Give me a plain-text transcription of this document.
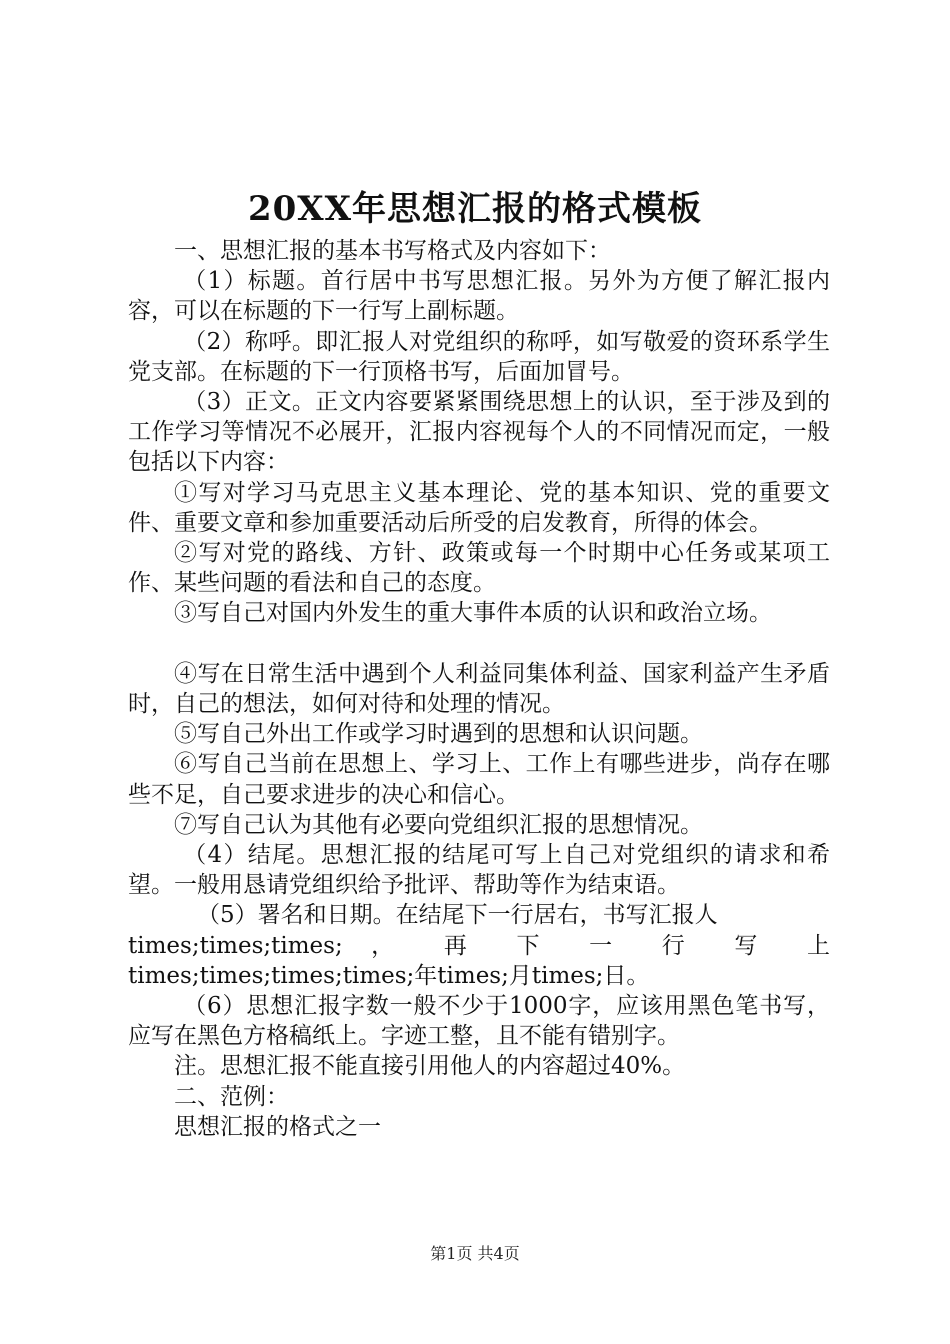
20XX年思想汇报的格式模板

一、思想汇报的基本书写格式及内容如下：

（1）标题。首行居中书写思想汇报。另外为方便了解汇报内容，可以在标题的下一行写上副标题。

（2）称呼。即汇报人对党组织的称呼，如写敬爱的资环系学生党支部。在标题的下一行顶格书写，后面加冒号。

（3）正文。正文内容要紧紧围绕思想上的认识，至于涉及到的工作学习等情况不必展开，汇报内容视每个人的不同情况而定，一般包括以下内容：

①写对学习马克思主义基本理论、党的基本知识、党的重要文件、重要文章和参加重要活动后所受的启发教育，所得的体会。

②写对党的路线、方针、政策或每一个时期中心任务或某项工作、某些问题的看法和自己的态度。

③写自己对国内外发生的重大事件本质的认识和政治立场。

④写在日常生活中遇到个人利益同集体利益、国家利益产生矛盾时，自己的想法，如何对待和处理的情况。

⑤写自己外出工作或学习时遇到的思想和认识问题。

⑥写自己当前在思想上、学习上、工作上有哪些进步，尚存在哪些不足，自己要求进步的决心和信心。

⑦写自己认为其他有必要向党组织汇报的思想情况。

（4）结尾。思想汇报的结尾可写上自己对党组织的请求和希望。一般用恳请党组织给予批评、帮助等作为结束语。

（5）署名和日期。在结尾下一行居右，书写汇报人

times;times;times; ， 再 下 一 行 写 上

times;times;times;times;年times;月times;日。

（6）思想汇报字数一般不少于1000字，应该用黑色笔书写，应写在黑色方格稿纸上。字迹工整，且不能有错别字。

注。思想汇报不能直接引用他人的内容超过40%。

二、范例：

思想汇报的格式之一

第1页 共4页
